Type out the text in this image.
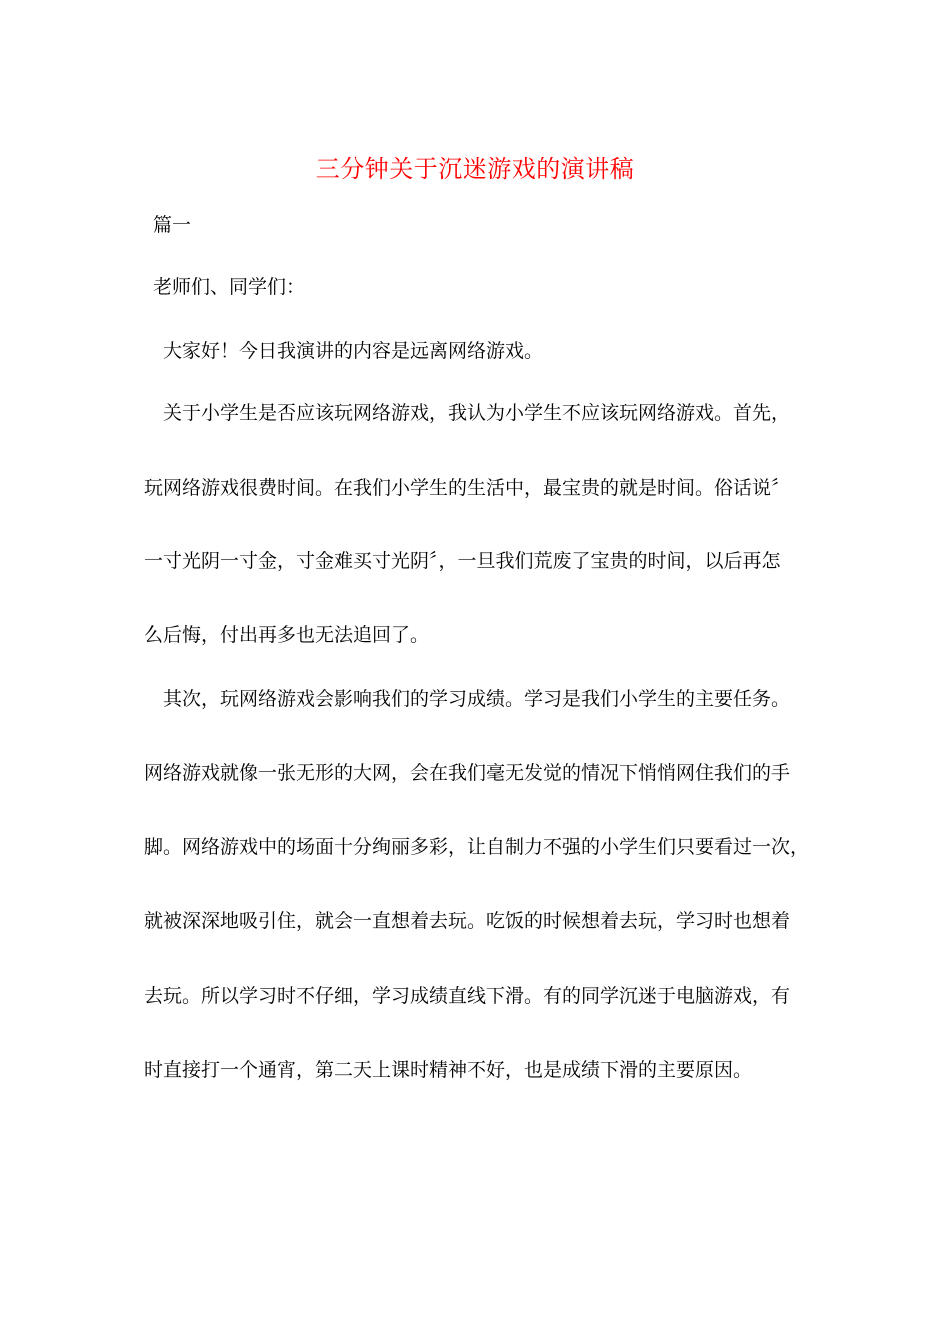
三分钟关于沉迷游戏的演讲稿
篇一
老师们、同学们：
大家好！今日我演讲的内容是远离网络游戏。
关于小学生是否应该玩网络游戏，我认为小学生不应该玩网络游戏。首先，
玩网络游戏很费时间。在我们小学生的生活中，最宝贵的就是时间。俗话说〞
一寸光阴一寸金，寸金难买寸光阴〞，一旦我们荒废了宝贵的时间，以后再怎
么后悔，付出再多也无法追回了。
其次，玩网络游戏会影响我们的学习成绩。学习是我们小学生的主要任务。
网络游戏就像一张无形的大网，会在我们毫无发觉的情况下悄悄网住我们的手
脚。网络游戏中的场面十分绚丽多彩，让自制力不强的小学生们只要看过一次，
就被深深地吸引住，就会一直想着去玩。吃饭的时候想着去玩，学习时也想着
去玩。所以学习时不仔细，学习成绩直线下滑。有的同学沉迷于电脑游戏，有
时直接打一个通宵，第二天上课时精神不好，也是成绩下滑的主要原因。
